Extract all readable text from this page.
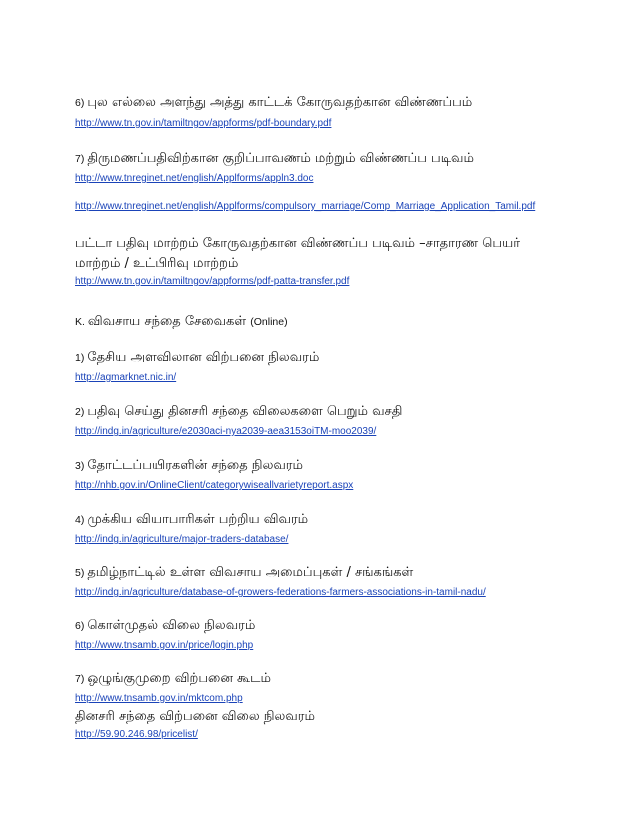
6) புல எல்லை அளந்து அத்து காட்டக் கோருவதற்கான விண்ணப்பம்

http://www.tn.gov.in/tamiltngov/appforms/pdf-boundary.pdf

7) திருமணப்பதிவிற்கான குறிப்பாவணம் மற்றும் விண்ணப்ப படிவம்

http://www.tnreginet.net/english/Applforms/appln3.doc
http://www.tnreginet.net/english/Applforms/compulsory_marriage/Comp_Marriage_Application_Tamil.pdf

பட்டா பதிவு மாற்றம் கோருவதற்கான விண்ணப்ப படிவம் –சாதாரண பெயர்

மாற்றம் / உட்பிரிவு மாற்றம்

http://www.tn.gov.in/tamiltngov/appforms/pdf-patta-transfer.pdf

K. விவசாய சந்தை சேவைகள் (Online)

1) தேசிய அளவிலான விற்பனை நிலவரம்

http://agmarknet.nic.in/

2) பதிவு செய்து தினசரி சந்தை விலைகளை பெறும் வசதி

http://indg.in/agriculture/e2030aci-nya2039-aea3153oiTM-moo2039/

3) தோட்டப்பயிரகளின் சந்தை நிலவரம்

http://nhb.gov.in/OnlineClient/categorywiseallvarietyreport.aspx

4) முக்கிய வியாபாரிகள் பற்றிய விவரம்

http://indg.in/agriculture/major-traders-database/

5) தமிழ்நாட்டில் உள்ள விவசாய அமைப்புகள் / சங்கங்கள்

http://indg.in/agriculture/database-of-growers-federations-farmers-associations-in-tamil-nadu/

6) கொள்முதல் விலை நிலவரம்

http://www.tnsamb.gov.in/price/login.php

7) ஒழுங்குமுறை விற்பனை கூடம்

http://www.tnsamb.gov.in/mktcom.php

தினசரி சந்தை விற்பனை விலை நிலவரம்

http://59.90.246.98/pricelist/
